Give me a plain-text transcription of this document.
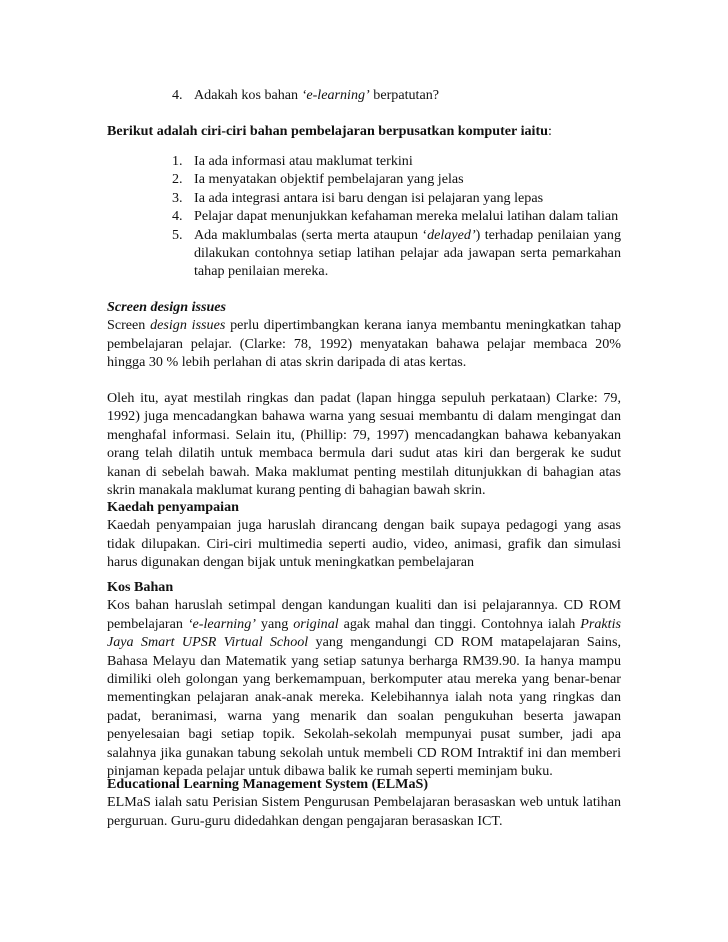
4. Adakah kos bahan ‘e-learning’ berpatutan?

Berikut adalah ciri-ciri bahan pembelajaran berpusatkan komputer iaitu:

1. Ia ada informasi atau maklumat terkini
2. Ia menyatakan objektif pembelajaran yang jelas
3. Ia ada integrasi antara isi baru dengan isi pelajaran yang lepas
4. Pelajar dapat menunjukkan kefahaman mereka melalui latihan dalam talian
5. Ada maklumbalas (serta merta ataupun ‘delayed’) terhadap penilaian yang dilakukan contohnya setiap latihan pelajar ada jawapan serta pemarkahan tahap penilaian mereka.

Screen design issues
Screen design issues perlu dipertimbangkan kerana ianya membantu meningkatkan tahap pembelajaran pelajar. (Clarke: 78, 1992) menyatakan bahawa pelajar membaca 20% hingga 30 % lebih perlahan di atas skrin daripada di atas kertas.

Oleh itu, ayat mestilah ringkas dan padat (lapan hingga sepuluh perkataan) Clarke: 79, 1992) juga mencadangkan bahawa warna yang sesuai membantu di dalam mengingat dan menghafal informasi. Selain itu, (Phillip: 79, 1997) mencadangkan bahawa kebanyakan orang telah dilatih untuk membaca bermula dari sudut atas kiri dan bergerak ke sudut kanan di sebelah bawah. Maka maklumat penting mestilah ditunjukkan di bahagian atas skrin manakala maklumat kurang penting di bahagian bawah skrin.

Kaedah penyampaian
Kaedah penyampaian juga haruslah dirancang dengan baik supaya pedagogi yang asas tidak dilupakan. Ciri-ciri multimedia seperti audio, video, animasi, grafik dan simulasi harus digunakan dengan bijak untuk meningkatkan pembelajaran

Kos Bahan
Kos bahan haruslah setimpal dengan kandungan kualiti dan isi pelajarannya. CD ROM pembelajaran ‘e-learning’ yang original agak mahal dan tinggi. Contohnya ialah Praktis Jaya Smart UPSR Virtual School yang mengandungi CD ROM matapelajaran Sains, Bahasa Melayu dan Matematik yang setiap satunya berharga RM39.90. Ia hanya mampu dimiliki oleh golongan yang berkemampuan, berkomputer atau mereka yang benar-benar mementingkan pelajaran anak-anak mereka. Kelebihannya ialah nota yang ringkas dan padat, beranimasi, warna yang menarik dan soalan pengukuhan beserta jawapan penyelesaian bagi setiap topik. Sekolah-sekolah mempunyai pusat sumber, jadi apa salahnya jika gunakan tabung sekolah untuk membeli CD ROM Intraktif ini dan memberi pinjaman kepada pelajar untuk dibawa balik ke rumah seperti meminjam buku.

Educational Learning Management System (ELMaS)
ELMaS ialah satu Perisian Sistem Pengurusan Pembelajaran berasaskan web untuk latihan perguruan. Guru-guru didedahkan dengan pengajaran berasaskan ICT.
